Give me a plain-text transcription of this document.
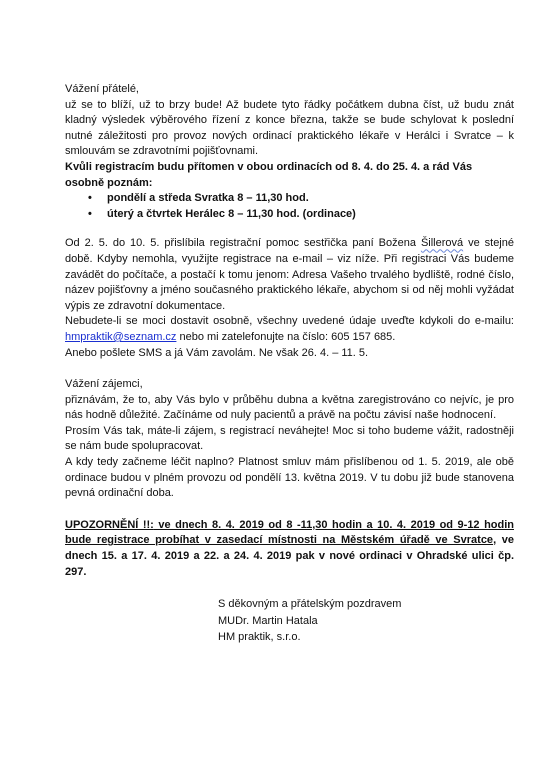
Vážení přátelé,

už se to blíží, už to brzy bude! Až budete tyto řádky počátkem dubna číst, už budu znát kladný výsledek výběrového řízení z konce března, takže se bude schylovat k poslední nutné záležitosti pro provoz nových ordinací praktického lékaře v Herálci i Svratce – k smlouvám se zdravotními pojišťovnami.

Kvůli registracím budu přítomen v obou ordinacích od 8. 4. do 25. 4. a rád Vás osobně poznám:

• pondělí a středa Svratka 8 – 11,30 hod.
• úterý a čtvrtek Herálec 8 – 11,30 hod. (ordinace)

Od 2. 5. do 10. 5. přislíbila registrační pomoc sestřička paní Božena Šillerová ve stejné době. Kdyby nemohla, využijte registrace na e-mail – viz níže. Při registraci Vás budeme zavádět do počítače, a postačí k tomu jenom: Adresa Vašeho trvalého bydliště, rodné číslo, název pojišťovny a jméno současného praktického lékaře, abychom si od něj mohli vyžádat výpis ze zdravotní dokumentace.

Nebudete-li se moci dostavit osobně, všechny uvedené údaje uveďte kdykoli do e-mailu: hmpraktik@seznam.cz nebo mi zatelefonujte na číslo: 605 157 685.

Anebo pošlete SMS a já Vám zavolám. Ne však 26. 4. – 11. 5.

Vážení zájemci,

přiznávám, že to, aby Vás bylo v průběhu dubna a května zaregistrováno co nejvíc, je pro nás hodně důležité. Začínáme od nuly pacientů a právě na počtu závisí naše hodnocení.

Prosím Vás tak, máte-li zájem, s registrací neváhejte! Moc si toho budeme vážit, radostněji se nám bude spolupracovat.

A kdy tedy začneme léčit naplno? Platnost smluv mám přislíbenou od 1. 5. 2019, ale obě ordinace budou v plném provozu od pondělí 13. května 2019. V tu dobu již bude stanovena pevná ordinační doba.

UPOZORNĚNÍ !!: ve dnech 8. 4. 2019 od 8 -11,30 hodin a 10. 4. 2019 od 9-12 hodin bude registrace probíhat v zasedací místnosti na Městském úřadě ve Svratce, ve dnech 15. a 17. 4. 2019 a 22. a 24. 4. 2019 pak v nové ordinaci v Ohradské ulici čp. 297.

S děkovným a přátelským pozdravem

MUDr. Martin Hatala

HM praktik, s.r.o.
